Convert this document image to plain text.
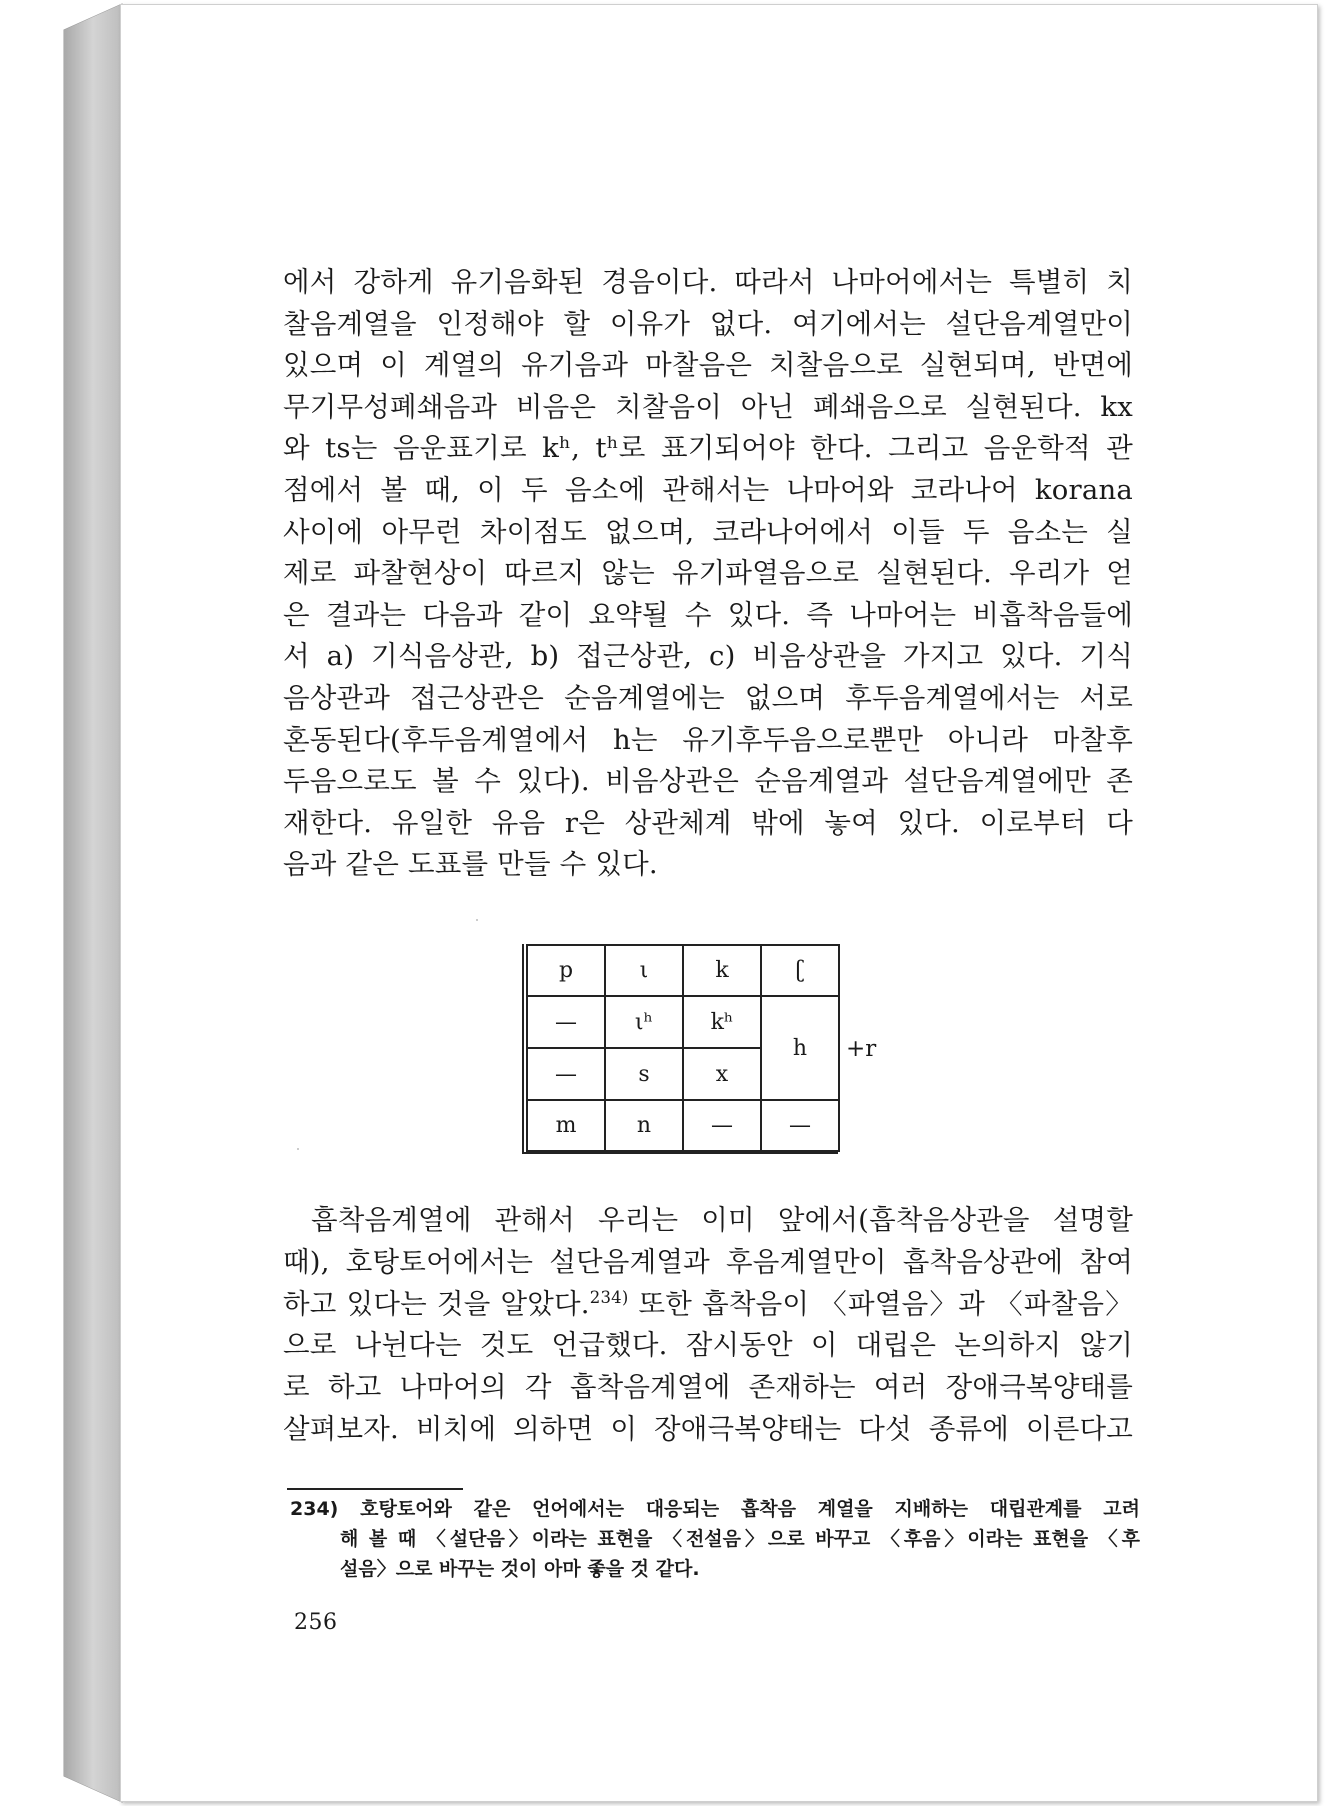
에서 강하게 유기음화된 경음이다. 따라서 나마어에서는 특별히 치
찰음계열을 인정해야 할 이유가 없다. 여기에서는 설단음계열만이
있으며 이 계열의 유기음과 마찰음은 치찰음으로 실현되며, 반면에
무기무성폐쇄음과 비음은 치찰음이 아닌 폐쇄음으로 실현된다. kx
와 ts는 음운표기로 kʰ, tʰ로 표기되어야 한다. 그리고 음운학적 관
점에서 볼 때, 이 두 음소에 관해서는 나마어와 코라나어 korana
사이에 아무런 차이점도 없으며, 코라나어에서 이들 두 음소는 실
제로 파찰현상이 따르지 않는 유기파열음으로 실현된다. 우리가 얻
은 결과는 다음과 같이 요약될 수 있다. 즉 나마어는 비흡착음들에
서 a) 기식음상관, b) 접근상관, c) 비음상관을 가지고 있다. 기식
음상관과 접근상관은 순음계열에는 없으며 후두음계열에서는 서로
혼동된다(후두음계열에서 h는 유기후두음으로뿐만 아니라 마찰후
두음으로도 볼 수 있다). 비음상관은 순음계열과 설단음계열에만 존
재한다. 유일한 유음 r은 상관체계 밖에 놓여 있다. 이로부터 다
음과 같은 도표를 만들 수 있다.
p	ι	k	ʗ
—	ιʰ	kʰ	h
—	s	x	
m	n	—	—
+r
흡착음계열에 관해서 우리는 이미 앞에서(흡착음상관을 설명할
때), 호탕토어에서는 설단음계열과 후음계열만이 흡착음상관에 참여
하고 있다는 것을 알았다.$^{234)}$ 또한 흡착음이 〈파열음〉과 〈파찰음〉
으로 나뉜다는 것도 언급했다. 잠시동안 이 대립은 논의하지 않기
로 하고 나마어의 각 흡착음계열에 존재하는 여러 장애극복양태를
살펴보자. 비치에 의하면 이 장애극복양태는 다섯 종류에 이른다고
234) 호탕토어와 같은 언어에서는 대응되는 흡착음 계열을 지배하는 대립관계를 고려
해 볼 때 〈설단음〉이라는 표현을 〈전설음〉으로 바꾸고 〈후음〉이라는 표현을 〈후
설음〉으로 바꾸는 것이 아마 좋을 것 같다.
256
